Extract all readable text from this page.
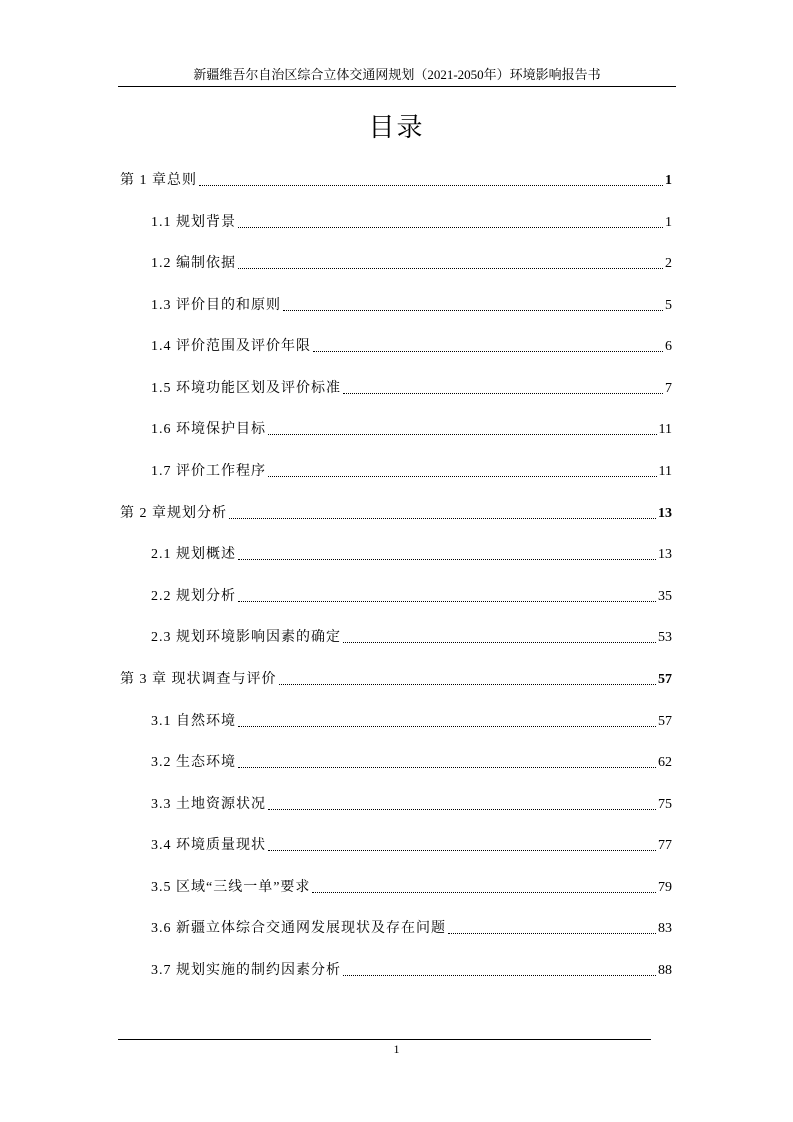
新疆维吾尔自治区综合立体交通网规划（2021-2050年）环境影响报告书
目录
第 1 章总则	1
1.1 规划背景	1
1.2 编制依据	2
1.3 评价目的和原则	5
1.4 评价范围及评价年限	6
1.5 环境功能区划及评价标准	7
1.6 环境保护目标	11
1.7 评价工作程序	11
第 2 章规划分析	13
2.1 规划概述	13
2.2 规划分析	35
2.3 规划环境影响因素的确定	53
第 3 章 现状调查与评价	57
3.1 自然环境	57
3.2 生态环境	62
3.3 土地资源状况	75
3.4 环境质量现状	77
3.5 区域“三线一单”要求	79
3.6 新疆立体综合交通网发展现状及存在问题	83
3.7 规划实施的制约因素分析	88
1
